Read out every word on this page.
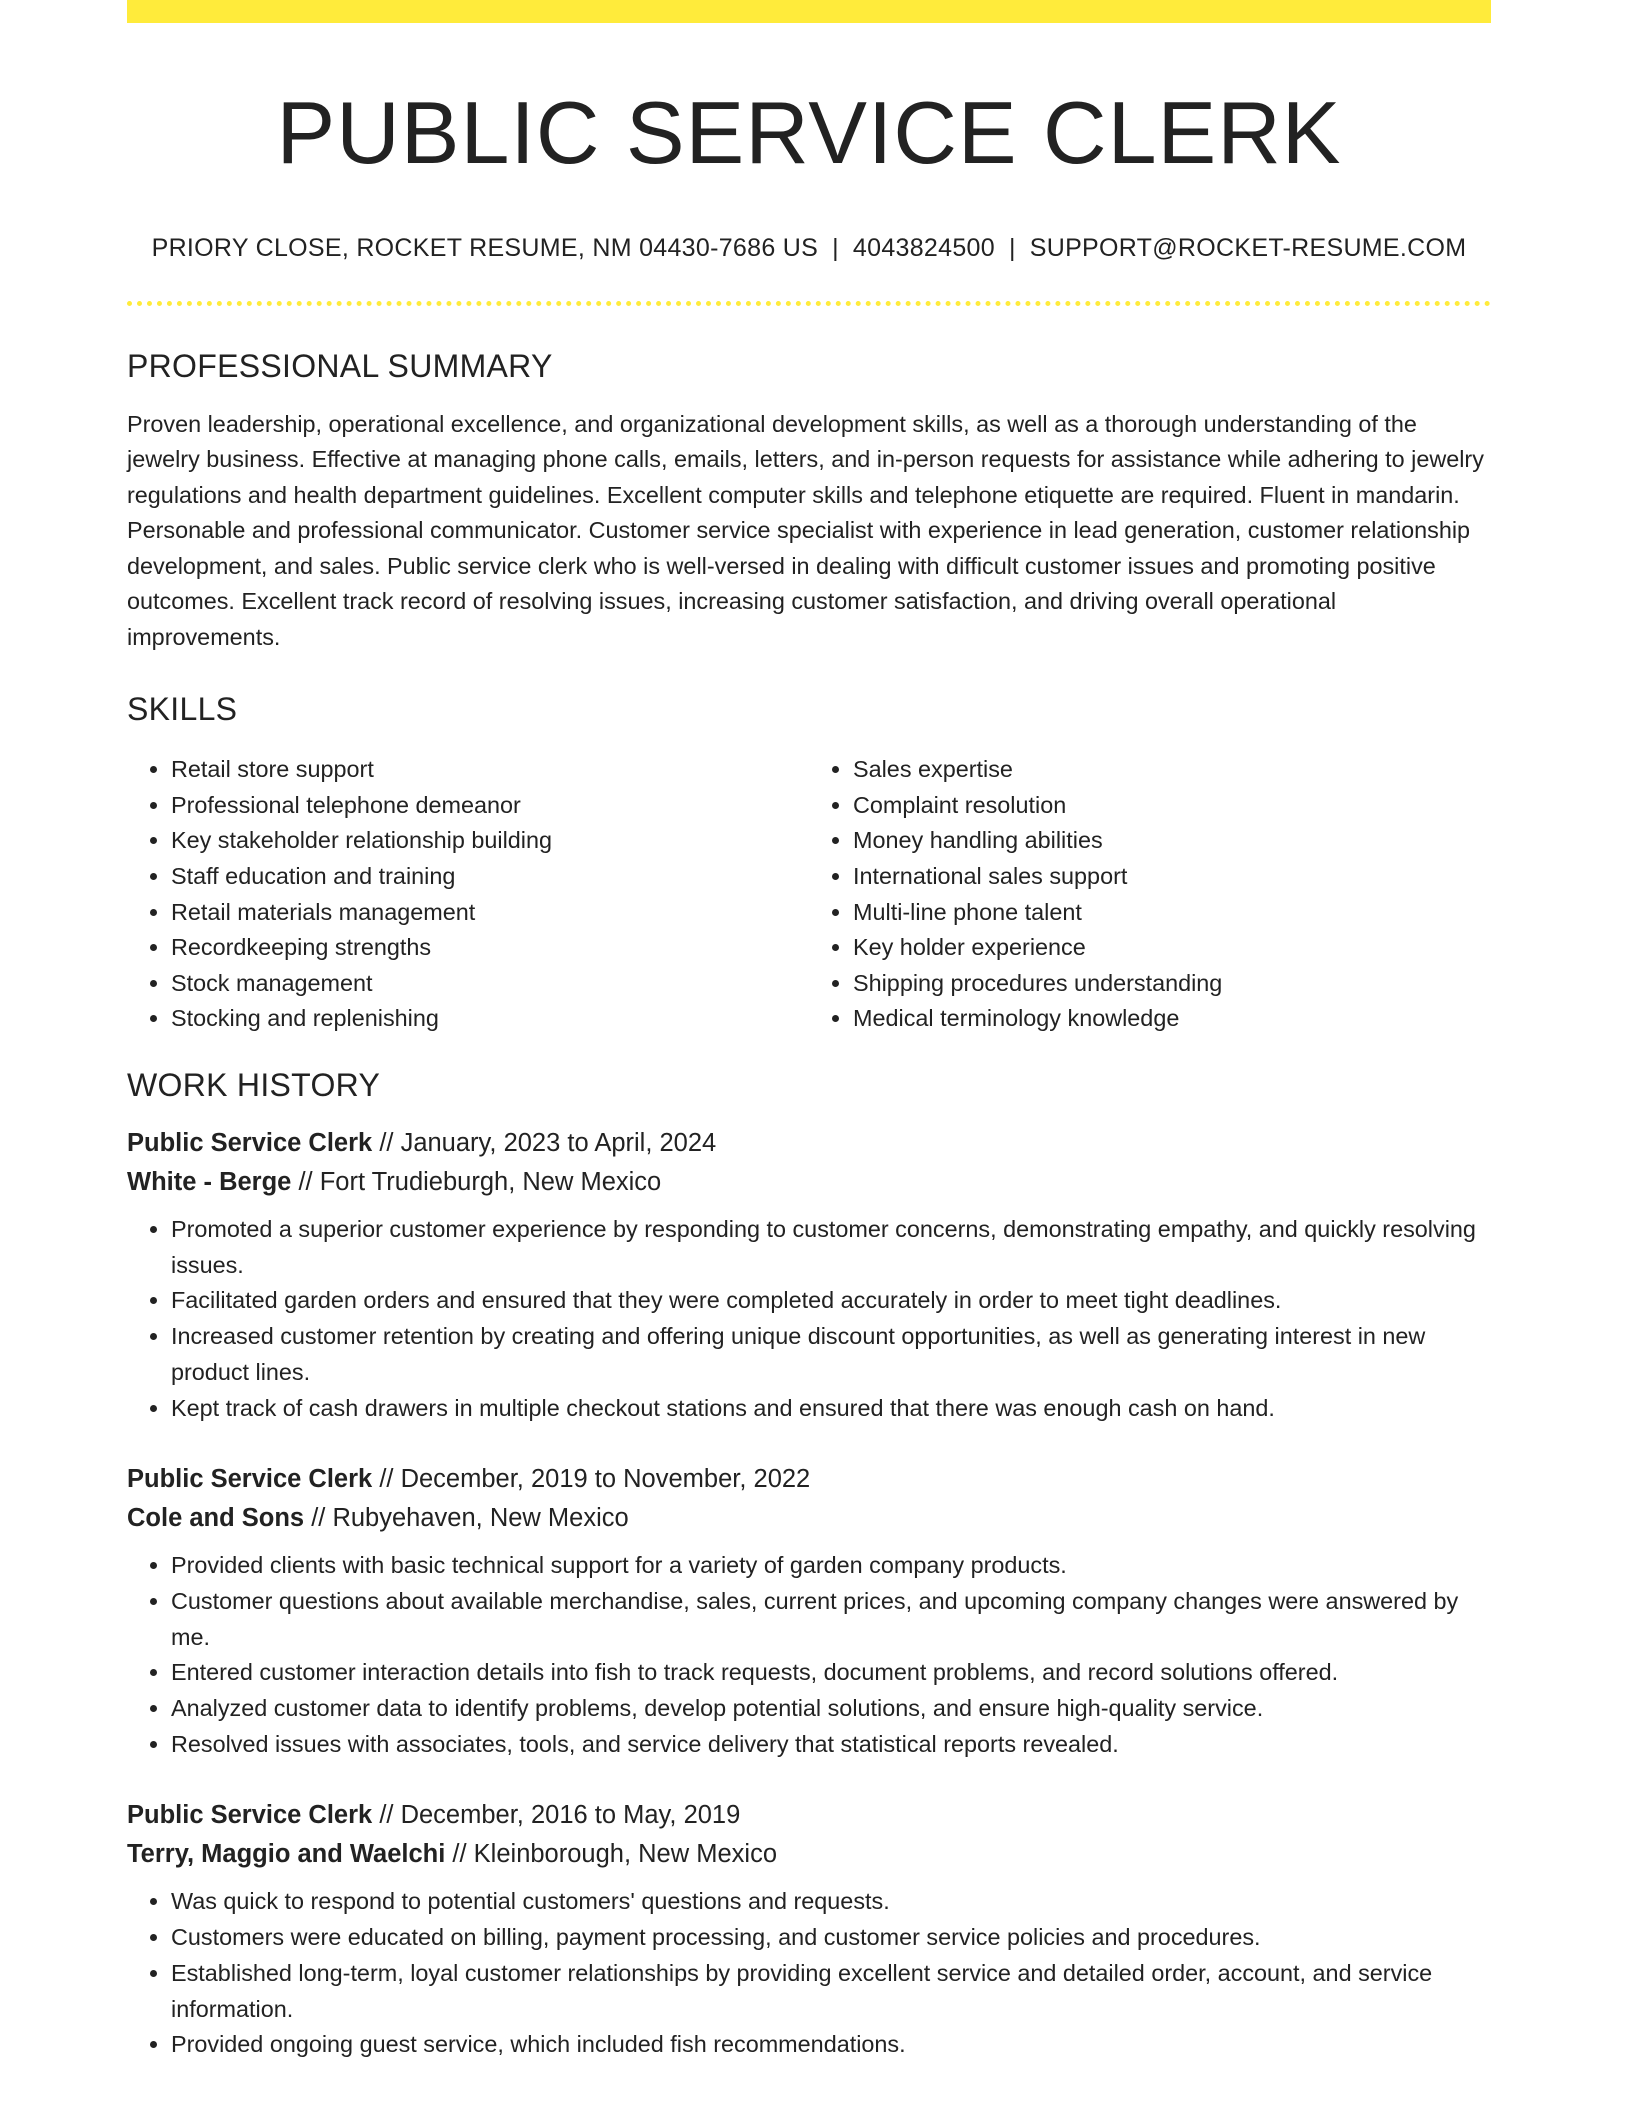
PUBLIC SERVICE CLERK
PRIORY CLOSE, ROCKET RESUME, NM 04430-7686 US | 4043824500 | SUPPORT@ROCKET-RESUME.COM
PROFESSIONAL SUMMARY

Proven leadership, operational excellence, and organizational development skills, as well as a thorough understanding of the jewelry business. Effective at managing phone calls, emails, letters, and in-person requests for assistance while adhering to jewelry regulations and health department guidelines. Excellent computer skills and telephone etiquette are required. Fluent in mandarin. Personable and professional communicator. Customer service specialist with experience in lead generation, customer relationship development, and sales. Public service clerk who is well-versed in dealing with difficult customer issues and promoting positive outcomes. Excellent track record of resolving issues, increasing customer satisfaction, and driving overall operational improvements.

SKILLS
• Retail store support
• Professional telephone demeanor
• Key stakeholder relationship building
• Staff education and training
• Retail materials management
• Recordkeeping strengths
• Stock management
• Stocking and replenishing
• Sales expertise
• Complaint resolution
• Money handling abilities
• International sales support
• Multi-line phone talent
• Key holder experience
• Shipping procedures understanding
• Medical terminology knowledge
WORK HISTORY
Public Service Clerk // January, 2023 to April, 2024
White - Berge // Fort Trudieburgh, New Mexico
• Promoted a superior customer experience by responding to customer concerns, demonstrating empathy, and quickly resolving issues.
• Facilitated garden orders and ensured that they were completed accurately in order to meet tight deadlines.
• Increased customer retention by creating and offering unique discount opportunities, as well as generating interest in new product lines.
• Kept track of cash drawers in multiple checkout stations and ensured that there was enough cash on hand.
Public Service Clerk // December, 2019 to November, 2022
Cole and Sons // Rubyehaven, New Mexico
• Provided clients with basic technical support for a variety of garden company products.
• Customer questions about available merchandise, sales, current prices, and upcoming company changes were answered by me.
• Entered customer interaction details into fish to track requests, document problems, and record solutions offered.
• Analyzed customer data to identify problems, develop potential solutions, and ensure high-quality service.
• Resolved issues with associates, tools, and service delivery that statistical reports revealed.
Public Service Clerk // December, 2016 to May, 2019
Terry, Maggio and Waelchi // Kleinborough, New Mexico
• Was quick to respond to potential customers' questions and requests.
• Customers were educated on billing, payment processing, and customer service policies and procedures.
• Established long-term, loyal customer relationships by providing excellent service and detailed order, account, and service information.
• Provided ongoing guest service, which included fish recommendations.
